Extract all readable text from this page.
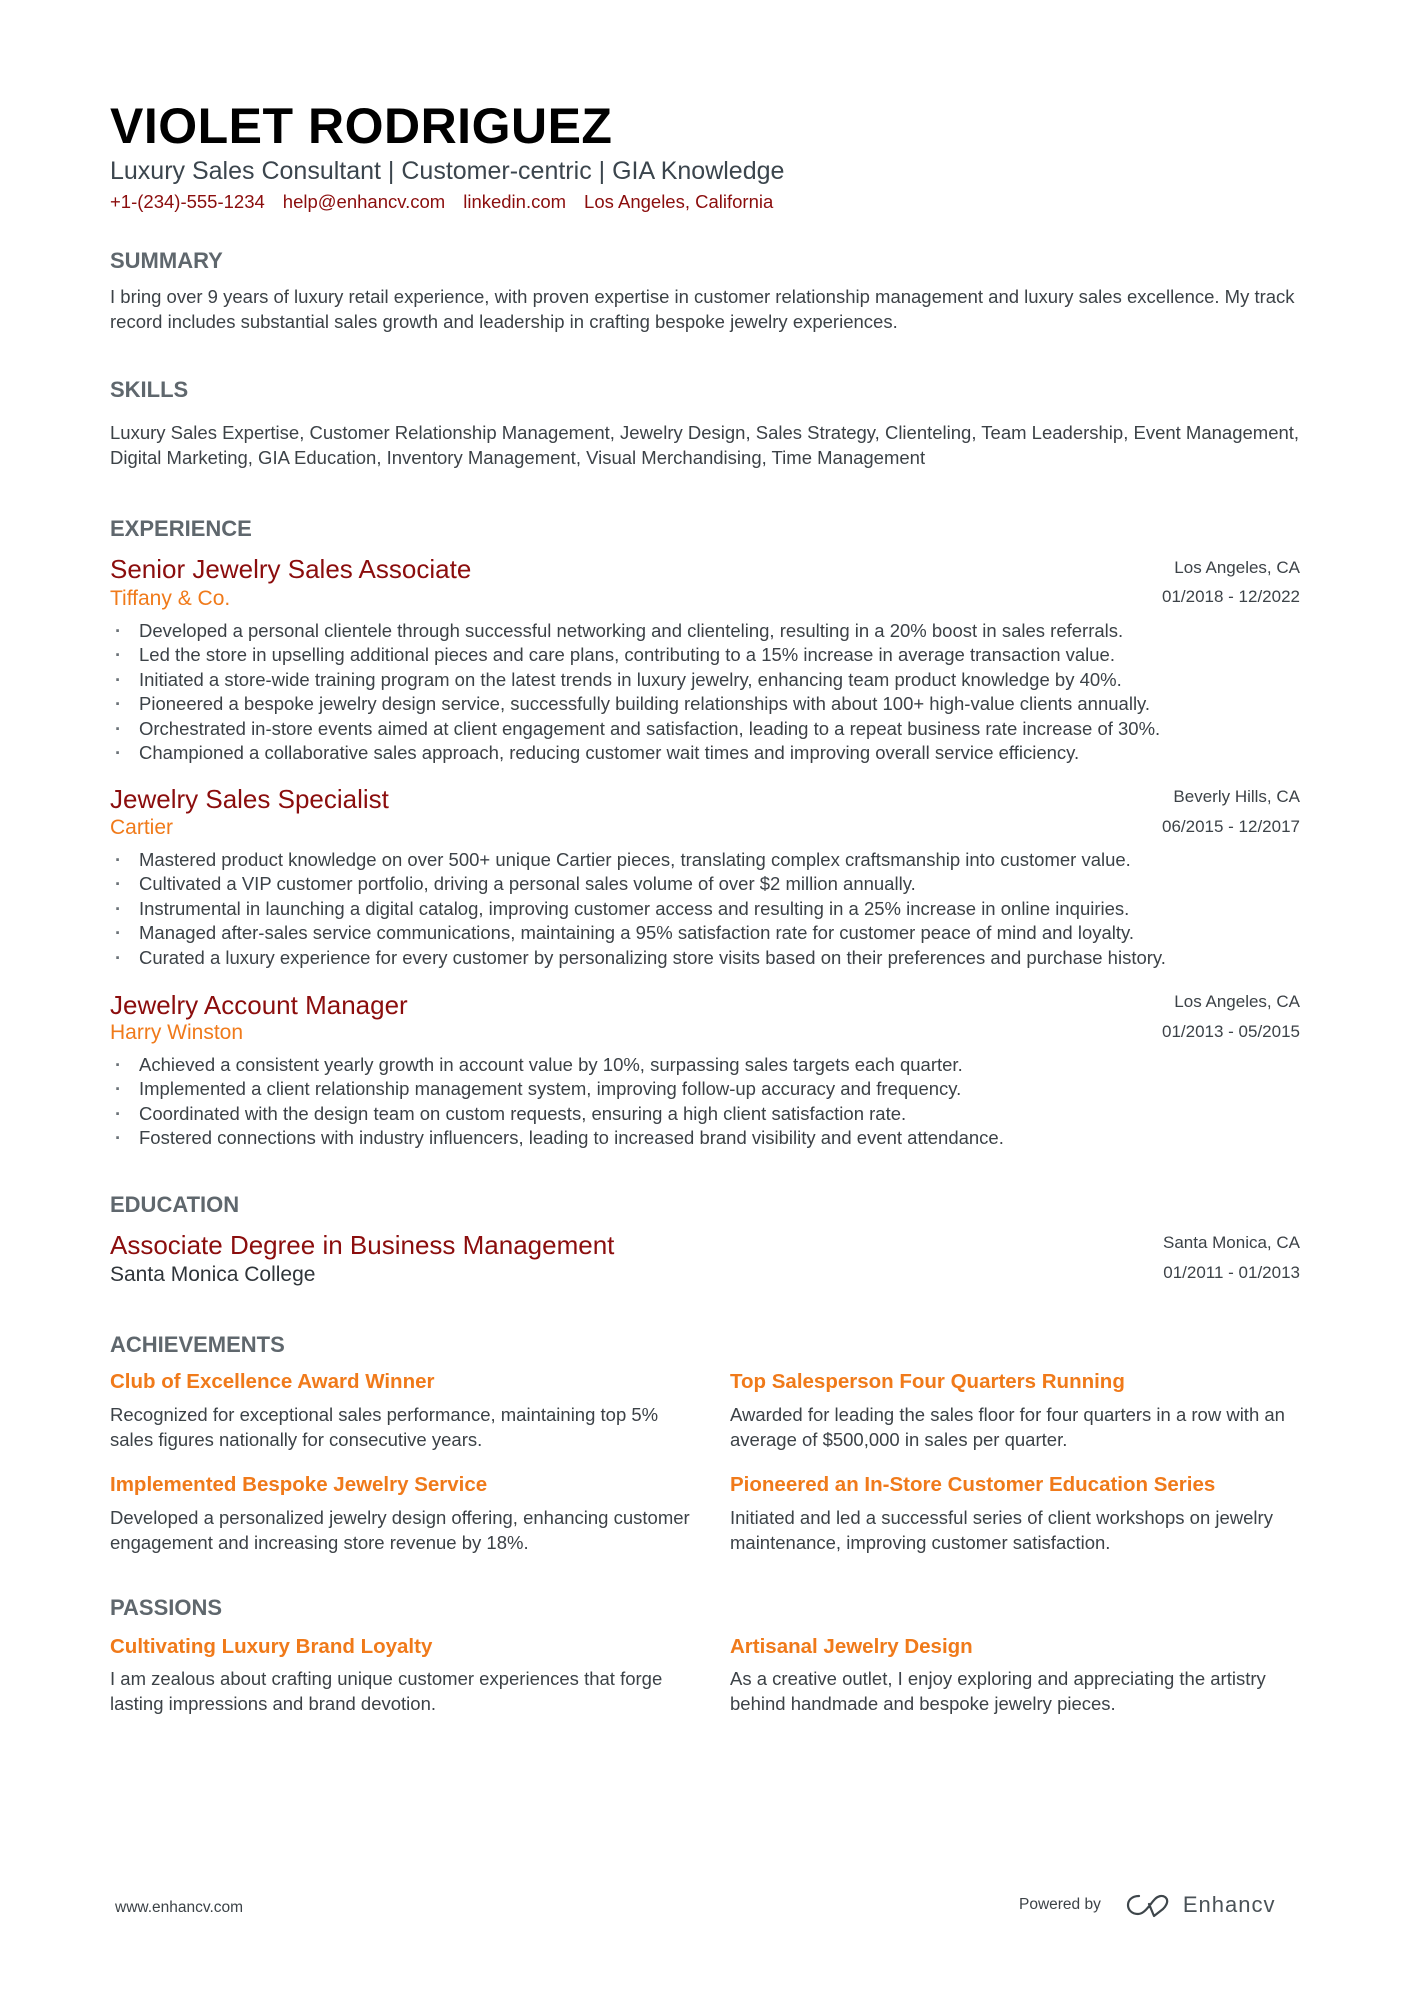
VIOLET RODRIGUEZ
Luxury Sales Consultant | Customer-centric | GIA Knowledge
+1-(234)-555-1234 help@enhancv.com linkedin.com Los Angeles, California
SUMMARY
I bring over 9 years of luxury retail experience, with proven expertise in customer relationship management and luxury sales excellence. My track record includes substantial sales growth and leadership in crafting bespoke jewelry experiences.
SKILLS
Luxury Sales Expertise, Customer Relationship Management, Jewelry Design, Sales Strategy, Clienteling, Team Leadership, Event Management, Digital Marketing, GIA Education, Inventory Management, Visual Merchandising, Time Management
EXPERIENCE
Senior Jewelry Sales Associate
Tiffany & Co.
Los Angeles, CA
01/2018 - 12/2022
· Developed a personal clientele through successful networking and clienteling, resulting in a 20% boost in sales referrals.
· Led the store in upselling additional pieces and care plans, contributing to a 15% increase in average transaction value.
· Initiated a store-wide training program on the latest trends in luxury jewelry, enhancing team product knowledge by 40%.
· Pioneered a bespoke jewelry design service, successfully building relationships with about 100+ high-value clients annually.
· Orchestrated in-store events aimed at client engagement and satisfaction, leading to a repeat business rate increase of 30%.
· Championed a collaborative sales approach, reducing customer wait times and improving overall service efficiency.
Jewelry Sales Specialist
Cartier
Beverly Hills, CA
06/2015 - 12/2017
· Mastered product knowledge on over 500+ unique Cartier pieces, translating complex craftsmanship into customer value.
· Cultivated a VIP customer portfolio, driving a personal sales volume of over $2 million annually.
· Instrumental in launching a digital catalog, improving customer access and resulting in a 25% increase in online inquiries.
· Managed after-sales service communications, maintaining a 95% satisfaction rate for customer peace of mind and loyalty.
· Curated a luxury experience for every customer by personalizing store visits based on their preferences and purchase history.
Jewelry Account Manager
Harry Winston
Los Angeles, CA
01/2013 - 05/2015
· Achieved a consistent yearly growth in account value by 10%, surpassing sales targets each quarter.
· Implemented a client relationship management system, improving follow-up accuracy and frequency.
· Coordinated with the design team on custom requests, ensuring a high client satisfaction rate.
· Fostered connections with industry influencers, leading to increased brand visibility and event attendance.
EDUCATION
Associate Degree in Business Management
Santa Monica College
Santa Monica, CA
01/2011 - 01/2013
ACHIEVEMENTS
Club of Excellence Award Winner
Recognized for exceptional sales performance, maintaining top 5% sales figures nationally for consecutive years.
Top Salesperson Four Quarters Running
Awarded for leading the sales floor for four quarters in a row with an average of $500,000 in sales per quarter.
Implemented Bespoke Jewelry Service
Developed a personalized jewelry design offering, enhancing customer engagement and increasing store revenue by 18%.
Pioneered an In-Store Customer Education Series
Initiated and led a successful series of client workshops on jewelry maintenance, improving customer satisfaction.
PASSIONS
Cultivating Luxury Brand Loyalty
I am zealous about crafting unique customer experiences that forge lasting impressions and brand devotion.
Artisanal Jewelry Design
As a creative outlet, I enjoy exploring and appreciating the artistry behind handmade and bespoke jewelry pieces.
www.enhancv.com	Powered by	Enhancv
